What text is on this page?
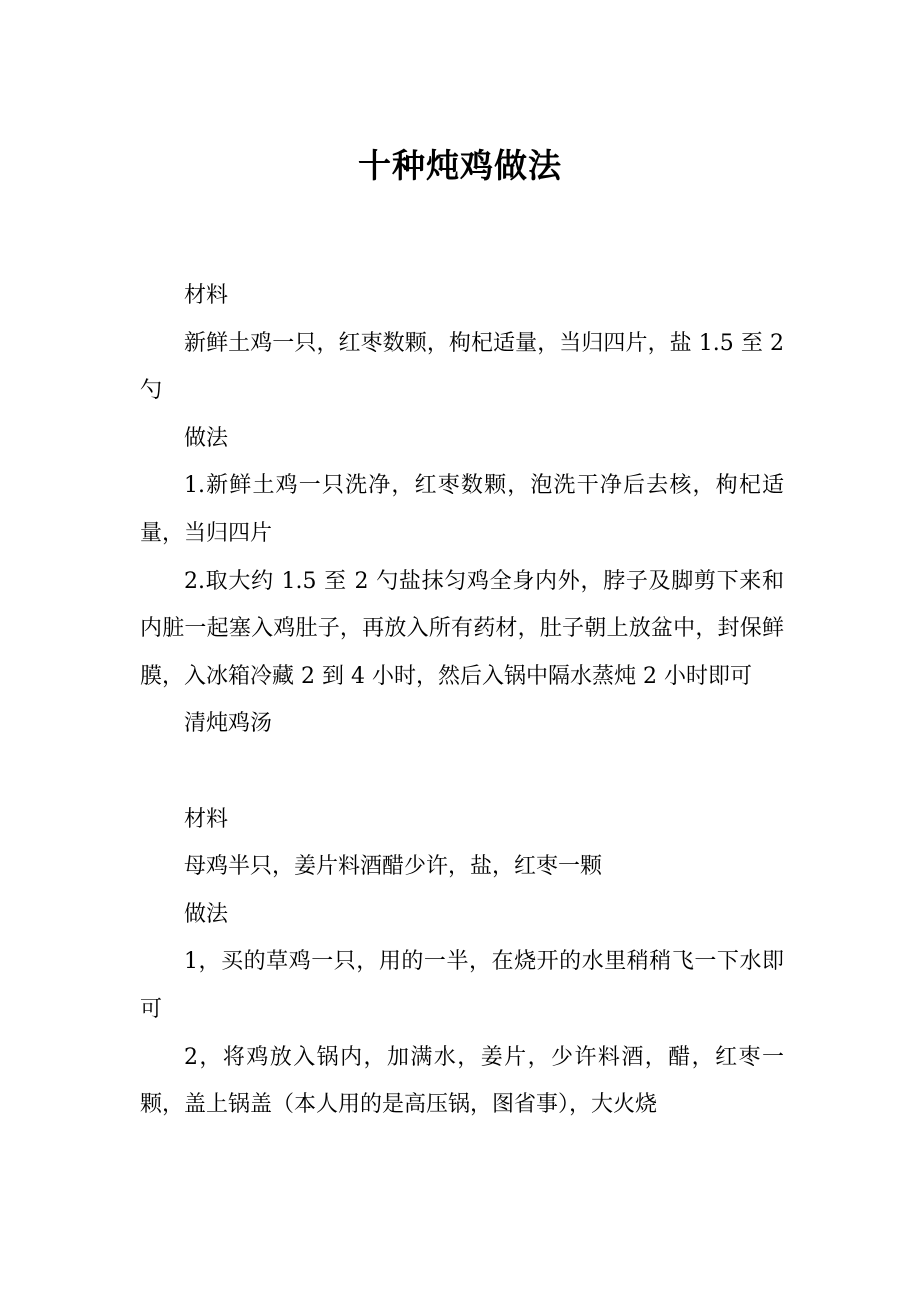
十种炖鸡做法

材料

新鲜土鸡一只，红枣数颗，枸杞适量，当归四片，盐 1.5 至 2 勺

做法

1.新鲜土鸡一只洗净，红枣数颗，泡洗干净后去核，枸杞适量，当归四片

2.取大约 1.5 至 2 勺盐抹匀鸡全身内外，脖子及脚剪下来和内脏一起塞入鸡肚子，再放入所有药材，肚子朝上放盆中，封保鲜膜，入冰箱冷藏 2 到 4 小时，然后入锅中隔水蒸炖 2 小时即可

清炖鸡汤

材料

母鸡半只，姜片料酒醋少许，盐，红枣一颗

做法

1，买的草鸡一只，用的一半，在烧开的水里稍稍飞一下水即可

2，将鸡放入锅内，加满水，姜片，少许料酒，醋，红枣一颗，盖上锅盖（本人用的是高压锅，图省事），大火烧
